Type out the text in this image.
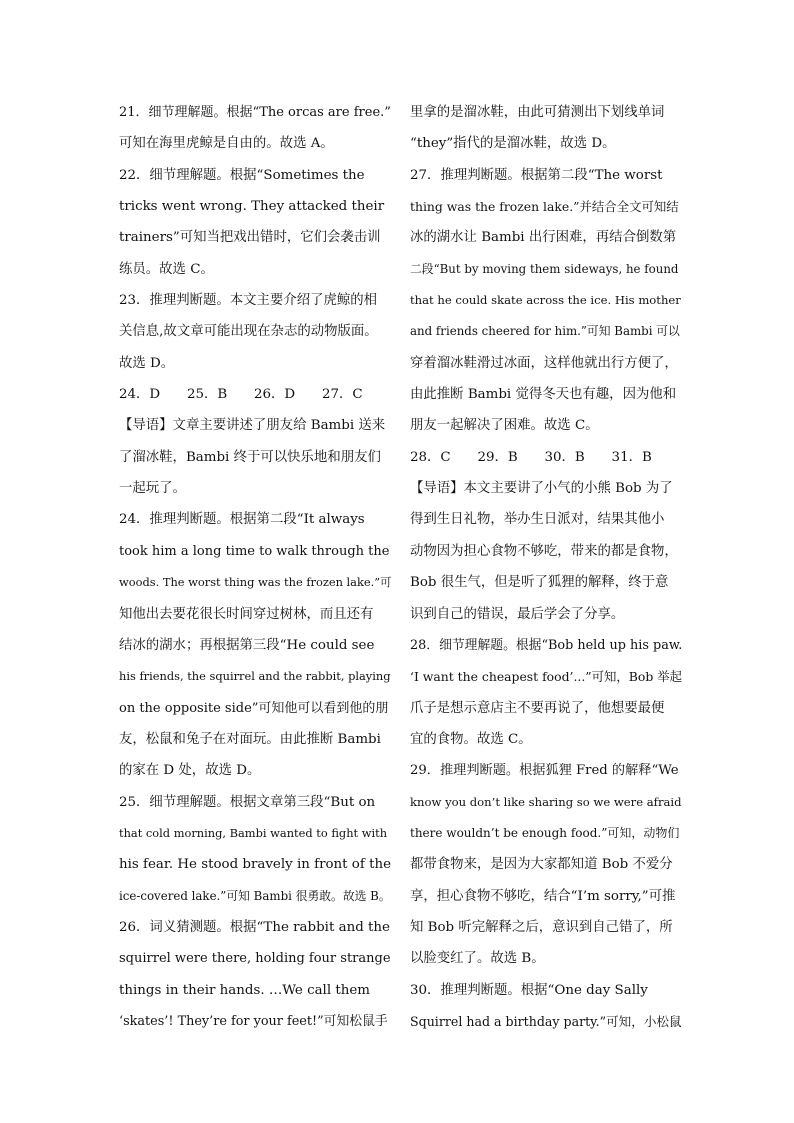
21．细节理解题。根据“The orcas are free.”
可知在海里虎鲸是自由的。故选 A。
22．细节理解题。根据“Sometimes the
tricks went wrong. They attacked their
trainers”可知当把戏出错时，它们会袭击训
练员。故选 C。
23．推理判断题。本文主要介绍了虎鲸的相
关信息,故文章可能出现在杂志的动物版面。
故选 D。
24．D　　25．B　　26．D　　27．C
【导语】文章主要讲述了朋友给 Bambi 送来
了溜冰鞋，Bambi 终于可以快乐地和朋友们
一起玩了。
24．推理判断题。根据第二段“It always
took him a long time to walk through the
woods. The worst thing was the frozen lake.”可
知他出去要花很长时间穿过树林，而且还有
结冰的湖水；再根据第三段“He could see
his friends, the squirrel and the rabbit, playing
on the opposite side”可知他可以看到他的朋
友，松鼠和兔子在对面玩。由此推断 Bambi
的家在 D 处，故选 D。
25．细节理解题。根据文章第三段“But on
that cold morning, Bambi wanted to fight with
his fear. He stood bravely in front of the
ice-covered lake.”可知 Bambi 很勇敢。故选 B。
26．词义猜测题。根据“The rabbit and the
squirrel were there, holding four strange
things in their hands. …We call them
‘skates’! They’re for your feet!”可知松鼠手
里拿的是溜冰鞋，由此可猜测出下划线单词
“they”指代的是溜冰鞋，故选 D。
27．推理判断题。根据第二段“The worst
thing was the frozen lake.”并结合全文可知结
冰的湖水让 Bambi 出行困难，再结合倒数第
二段“But by moving them sideways, he found
that he could skate across the ice. His mother
and friends cheered for him.”可知 Bambi 可以
穿着溜冰鞋滑过冰面，这样他就出行方便了，
由此推断 Bambi 觉得冬天也有趣，因为他和
朋友一起解决了困难。故选 C。
28．C　　29．B　　30．B　　31．B
【导语】本文主要讲了小气的小熊 Bob 为了
得到生日礼物，举办生日派对，结果其他小
动物因为担心食物不够吃，带来的都是食物，
Bob 很生气，但是听了狐狸的解释，终于意
识到自己的错误，最后学会了分享。
28．细节理解题。根据“Bob held up his paw.
‘I want the cheapest food’...”可知，Bob 举起
爪子是想示意店主不要再说了，他想要最便
宜的食物。故选 C。
29．推理判断题。根据狐狸 Fred 的解释“We
know you don’t like sharing so we were afraid
there wouldn’t be enough food.”可知，动物们
都带食物来，是因为大家都知道 Bob 不爱分
享，担心食物不够吃，结合“I’m sorry,”可推
知 Bob 听完解释之后，意识到自己错了，所
以脸变红了。故选 B。
30．推理判断题。根据“One day Sally
Squirrel had a birthday party.”可知，小松鼠
